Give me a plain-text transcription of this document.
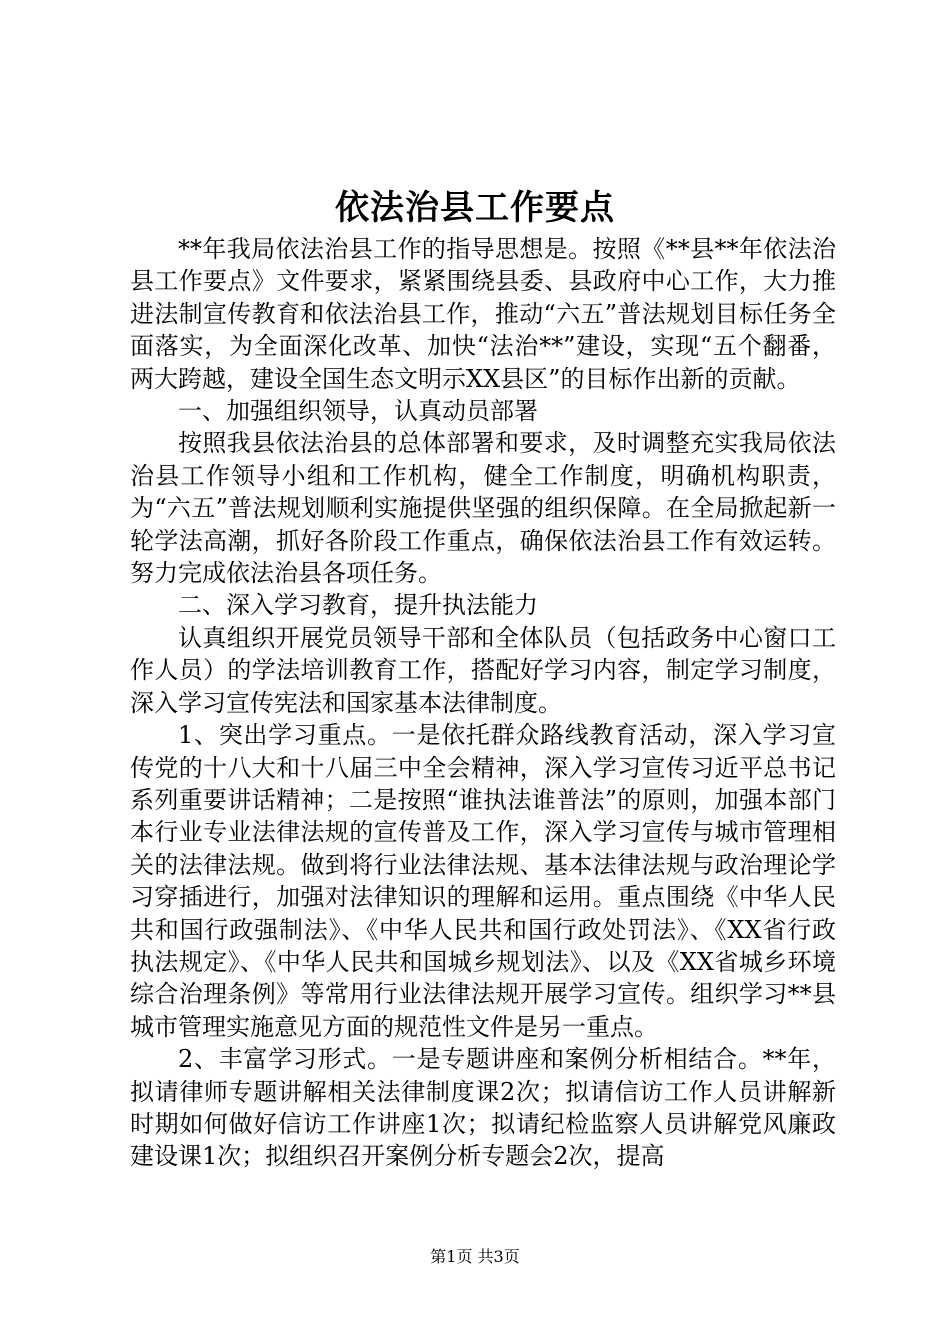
依法治县工作要点

**年我局依法治县工作的指导思想是。按照《**县**年依法治县工作要点》文件要求，紧紧围绕县委、县政府中心工作，大力推进法制宣传教育和依法治县工作，推动“六五”普法规划目标任务全面落实，为全面深化改革、加快“法治**”建设，实现“五个翻番，两大跨越，建设全国生态文明示XX县区”的目标作出新的贡献。

一、加强组织领导，认真动员部署

按照我县依法治县的总体部署和要求，及时调整充实我局依法治县工作领导小组和工作机构，健全工作制度，明确机构职责，为“六五”普法规划顺利实施提供坚强的组织保障。在全局掀起新一轮学法高潮，抓好各阶段工作重点，确保依法治县工作有效运转。努力完成依法治县各项任务。

二、深入学习教育，提升执法能力

认真组织开展党员领导干部和全体队员（包括政务中心窗口工作人员）的学法培训教育工作，搭配好学习内容，制定学习制度，深入学习宣传宪法和国家基本法律制度。

1、突出学习重点。一是依托群众路线教育活动，深入学习宣传党的十八大和十八届三中全会精神，深入学习宣传习近平总书记系列重要讲话精神；二是按照“谁执法谁普法”的原则，加强本部门本行业专业法律法规的宣传普及工作，深入学习宣传与城市管理相关的法律法规。做到将行业法律法规、基本法律法规与政治理论学习穿插进行，加强对法律知识的理解和运用。重点围绕《中华人民共和国行政强制法》、《中华人民共和国行政处罚法》、《XX省行政执法规定》、《中华人民共和国城乡规划法》、以及《XX省城乡环境综合治理条例》等常用行业法律法规开展学习宣传。组织学习**县城市管理实施意见方面的规范性文件是另一重点。

2、丰富学习形式。一是专题讲座和案例分析相结合。**年，拟请律师专题讲解相关法律制度课2次；拟请信访工作人员讲解新时期如何做好信访工作讲座1次；拟请纪检监察人员讲解党风廉政建设课1次；拟组织召开案例分析专题会2次，提高

第1页 共3页
